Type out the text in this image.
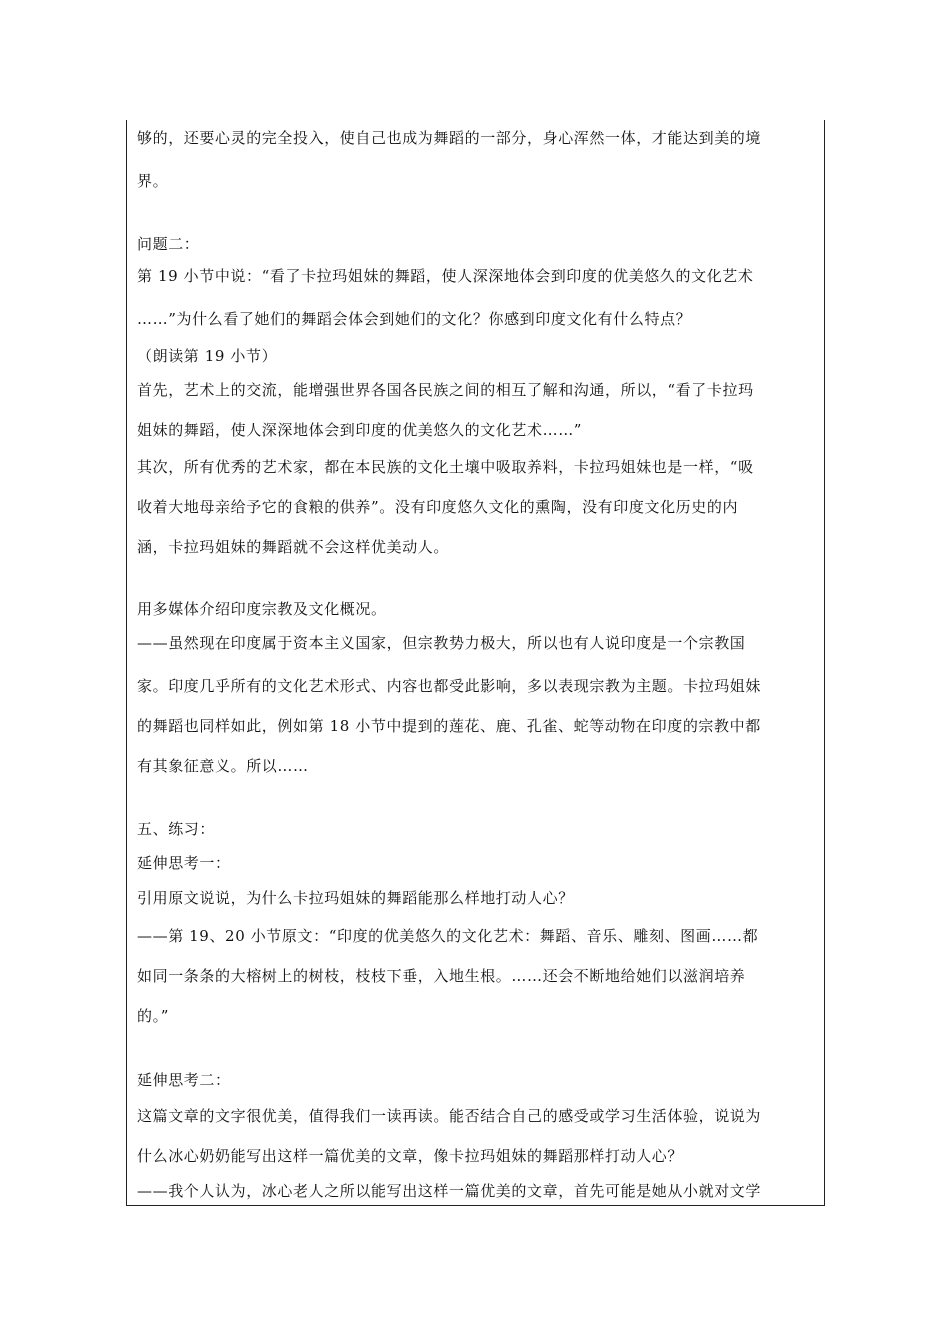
够的，还要心灵的完全投入，使自己也成为舞蹈的一部分，身心浑然一体，才能达到美的境
界。
问题二：
第 19 小节中说：“看了卡拉玛姐妹的舞蹈，使人深深地体会到印度的优美悠久的文化艺术
……”为什么看了她们的舞蹈会体会到她们的文化？你感到印度文化有什么特点？
（朗读第 19 小节）
首先，艺术上的交流，能增强世界各国各民族之间的相互了解和沟通，所以，“看了卡拉玛
姐妹的舞蹈，使人深深地体会到印度的优美悠久的文化艺术……”
其次，所有优秀的艺术家，都在本民族的文化土壤中吸取养料，卡拉玛姐妹也是一样，“吸
收着大地母亲给予它的食粮的供养”。没有印度悠久文化的熏陶，没有印度文化历史的内
涵，卡拉玛姐妹的舞蹈就不会这样优美动人。
用多媒体介绍印度宗教及文化概况。
——虽然现在印度属于资本主义国家，但宗教势力极大，所以也有人说印度是一个宗教国
家。印度几乎所有的文化艺术形式、内容也都受此影响，多以表现宗教为主题。卡拉玛姐妹
的舞蹈也同样如此，例如第 18 小节中提到的莲花、鹿、孔雀、蛇等动物在印度的宗教中都
有其象征意义。所以……
五、练习：
延伸思考一：
引用原文说说，为什么卡拉玛姐妹的舞蹈能那么样地打动人心？
——第 19、20 小节原文：“印度的优美悠久的文化艺术：舞蹈、音乐、雕刻、图画……都
如同一条条的大榕树上的树枝，枝枝下垂，入地生根。……还会不断地给她们以滋润培养
的。”
延伸思考二：
这篇文章的文字很优美，值得我们一读再读。能否结合自己的感受或学习生活体验，说说为
什么冰心奶奶能写出这样一篇优美的文章，像卡拉玛姐妹的舞蹈那样打动人心？
——我个人认为，冰心老人之所以能写出这样一篇优美的文章，首先可能是她从小就对文学
